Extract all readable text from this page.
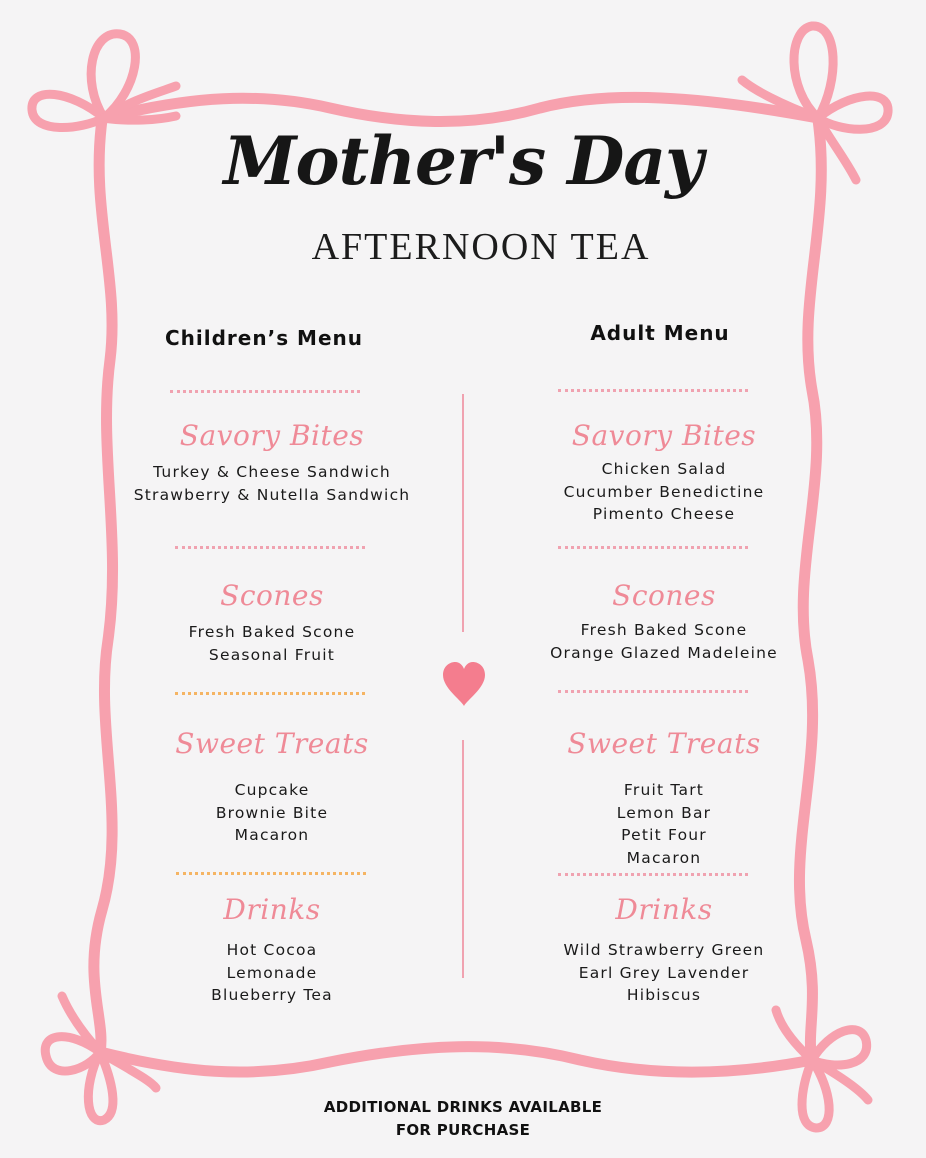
Mother's Day
AFTERNOON TEA
Children’s Menu	Adult Menu
Savory Bites
Turkey & Cheese Sandwich
Strawberry & Nutella Sandwich
Scones
Fresh Baked Scone
Seasonal Fruit
Sweet Treats
Cupcake
Brownie Bite
Macaron
Drinks
Hot Cocoa
Lemonade
Blueberry Tea
Savory Bites
Chicken Salad
Cucumber Benedictine
Pimento Cheese
Scones
Fresh Baked Scone
Orange Glazed Madeleine
Sweet Treats
Fruit Tart
Lemon Bar
Petit Four
Macaron
Drinks
Wild Strawberry Green
Earl Grey Lavender
Hibiscus
ADDITIONAL DRINKS AVAILABLE
FOR PURCHASE
